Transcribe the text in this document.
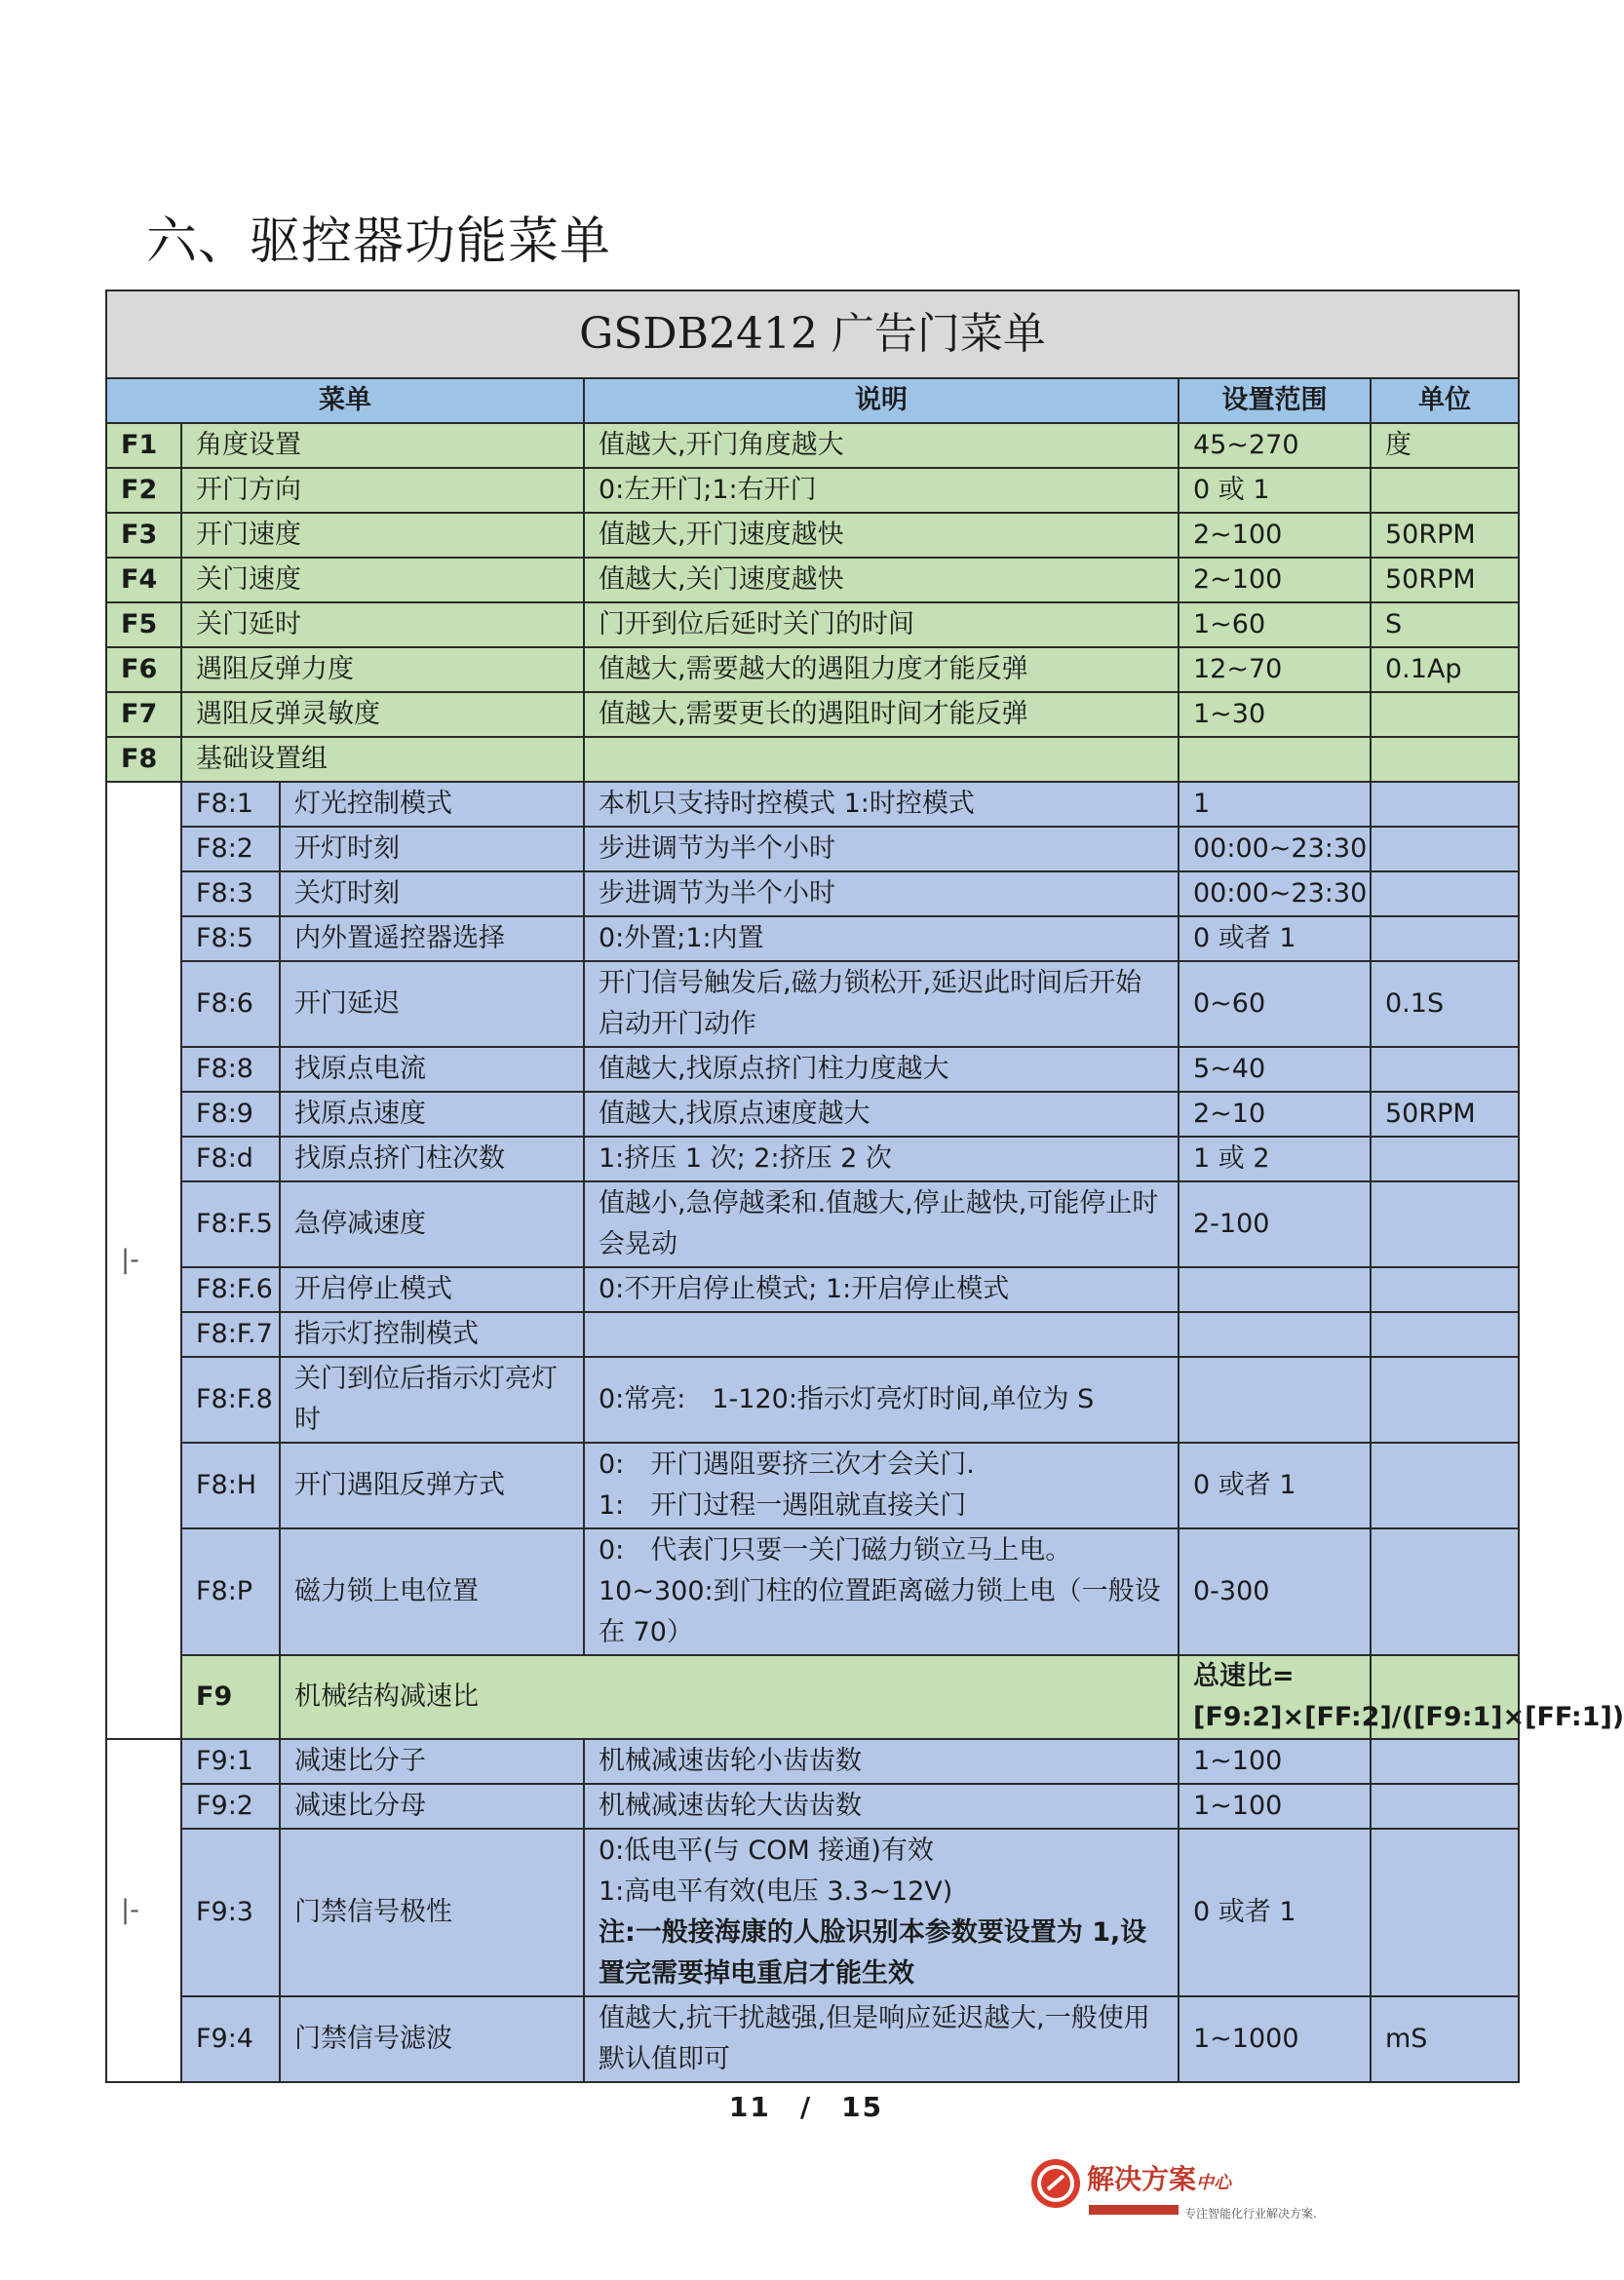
六、驱控器功能菜单
GSDB2412 广告门菜单						
菜单			说明	设置范围	单位	
F1	角度设置		值越大,开门角度越大	45~270	度	
F2	开门方向		0:左开门;1:右开门	0 或 1		
F3	开门速度		值越大,开门速度越快	2~100	50RPM	
F4	关门速度		值越大,关门速度越快	2~100	50RPM	
F5	关门延时		门开到位后延时关门的时间	1~60	S	
F6	遇阻反弹力度		值越大,需要越大的遇阻力度才能反弹	12~70	0.1Ap	
F7	遇阻反弹灵敏度		值越大,需要更长的遇阻时间才能反弹	1~30		
F8	基础设置组					
|-	F8:1	灯光控制模式	本机只支持时控模式 1:时控模式	1		
	F8:2	开灯时刻	步进调节为半个小时	00:00~23:30		
	F8:3	关灯时刻	步进调节为半个小时	00:00~23:30		
	F8:5	内外置遥控器选择	0:外置;1:内置	0 或者 1		
	F8:6	开门延迟	开门信号触发后,磁力锁松开,延迟此时间后开始启动开门动作	0~60	0.1S	
	F8:8	找原点电流	值越大,找原点挤门柱力度越大	5~40		
	F8:9	找原点速度	值越大,找原点速度越大	2~10	50RPM	
	F8:d	找原点挤门柱次数	1:挤压 1 次; 2:挤压 2 次	1 或 2		
	F8:F.5	急停减速度	值越小,急停越柔和.值越大,停止越快,可能停止时会晃动	2-100		
	F8:F.6	开启停止模式	0:不开启停止模式; 1:开启停止模式			
	F8:F.7	指示灯控制模式				
	F8:F.8	关门到位后指示灯亮灯时	0:常亮:　1-120:指示灯亮灯时间,单位为 S			
	F8:H	开门遇阻反弹方式	0:　开门遇阻要挤三次才会关门.
1:　开门过程一遇阻就直接关门	0 或者 1		
	F8:P	磁力锁上电位置	0:　代表门只要一关门磁力锁立马上电。
10~300:到门柱的位置距离磁力锁上电（一般设在 70）	0-300		
	F9	机械结构减速比		总速比=[F9:2]×[FF:2]/([F9:1]×[FF:1])		
|-	F9:1	减速比分子	机械减速齿轮小齿齿数	1~100		
	F9:2	减速比分母	机械减速齿轮大齿齿数	1~100		
	F9:3	门禁信号极性	0:低电平(与 COM 接通)有效
1:高电平有效(电压 3.3~12V)
注:一般接海康的人脸识别本参数要设置为 1,设置完需要掉电重启才能生效	0 或者 1		
	F9:4	门禁信号滤波	值越大,抗干扰越强,但是响应延迟越大,一般使用默认值即可	1~1000	mS	
11　/　15
解决方案中心
专注智能化行业解决方案.
